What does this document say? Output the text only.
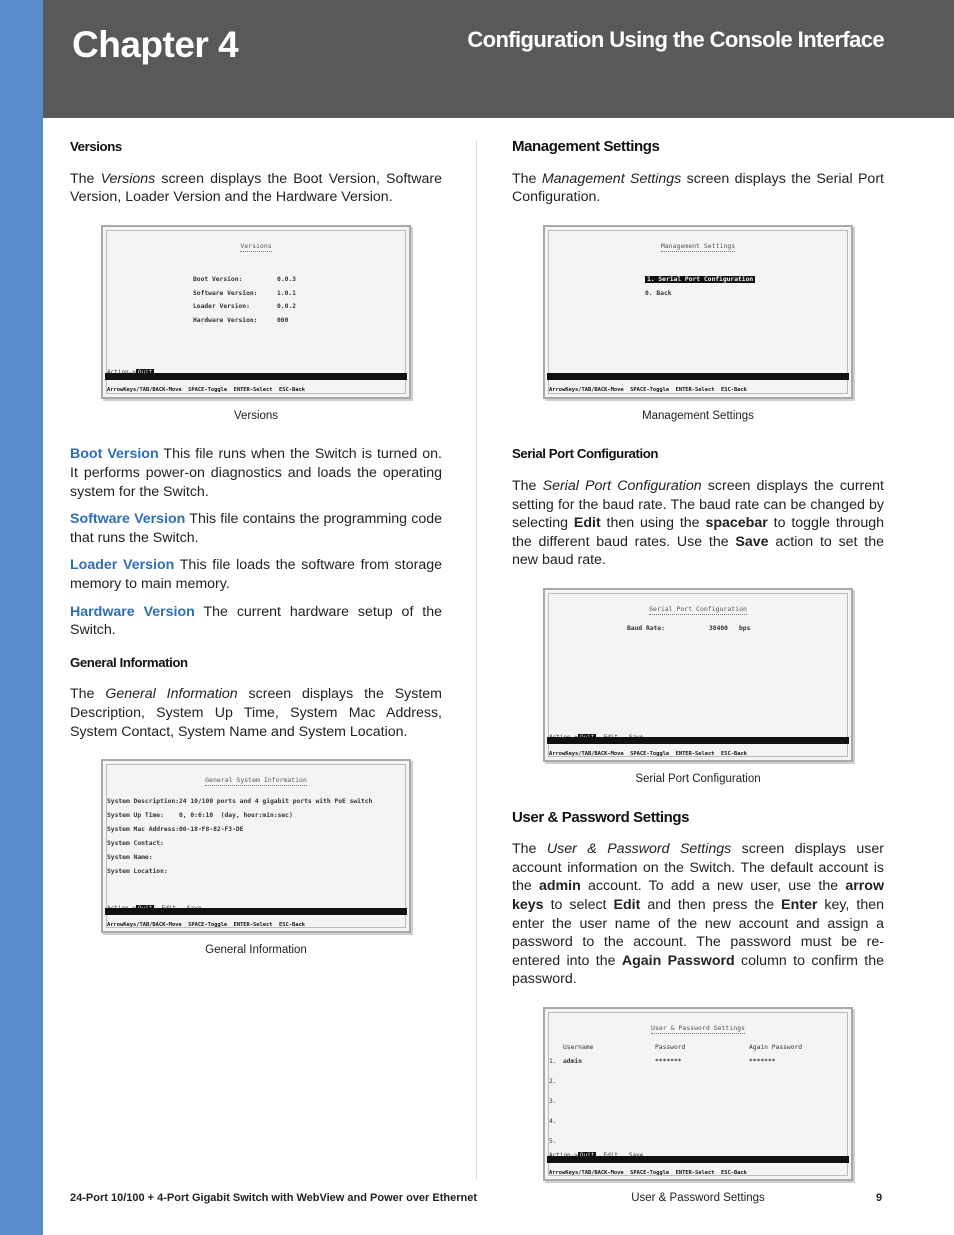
Chapter 4	Configuration Using the Console Interface
Versions

The Versions screen displays the Boot Version, Software Version, Loader Version and the Hardware Version.

Versions
Boot Version:	0.0.3
Software Version:	1.0.1
Loader Version:	0.0.2
Hardware Version:	000
ArrowKeys/TAB/BACK-Move  SPACE-Toggle  ENTER-Select  ESC-Back
Versions

Boot Version This file runs when the Switch is turned on. It performs power-on diagnostics and loads the operating system for the Switch.

Software Version This file contains the programming code that runs the Switch.

Loader Version This file loads the software from storage memory to main memory.

Hardware Version The current hardware setup of the Switch.

General Information

The General Information screen displays the System Description, System Up Time, System Mac Address, System Contact, System Name and System Location.

General System Information
System Description: 24 10/100 ports and 4 gigabit ports with PoE switch
System Up Time: 0, 0:6:10  (day, hour:min:sec)
System Mac Address: 00-18-F8-82-F3-DE
System Contact:
System Name:
System Location:
ArrowKeys/TAB/BACK-Move  SPACE-Toggle  ENTER-Select  ESC-Back
General Information
Management Settings

The Management Settings screen displays the Serial Port Configuration.

Management Settings
1. Serial Port Configuration
0. Back
ArrowKeys/TAB/BACK-Move  SPACE-Toggle  ENTER-Select  ESC-Back
Management Settings
Serial Port Configuration

The Serial Port Configuration screen displays the current setting for the baud rate. The baud rate can be changed by selecting Edit then using the spacebar to toggle through the different baud rates. Use the Save action to set the new baud rate.

Serial Port Configuration
Baud Rate:	38400 bps
ArrowKeys/TAB/BACK-Move  SPACE-Toggle  ENTER-Select  ESC-Back
Serial Port Configuration
User & Password Settings

The User & Password Settings screen displays user account information on the Switch. The default account is the admin account. To add a new user, use the arrow keys to select Edit and then press the Enter key, then enter the user name of the new account and assign a password to the account. The password must be re-entered into the Again Password column to confirm the password.

User & Password Settings
Username	Password	Again Password
1. admin	*******	*******
2.
3.
4.
5.
ArrowKeys/TAB/BACK-Move  SPACE-Toggle  ENTER-Select  ESC-Back
User & Password Settings
24-Port 10/100 + 4-Port Gigabit Switch with WebView and Power over Ethernet	9
